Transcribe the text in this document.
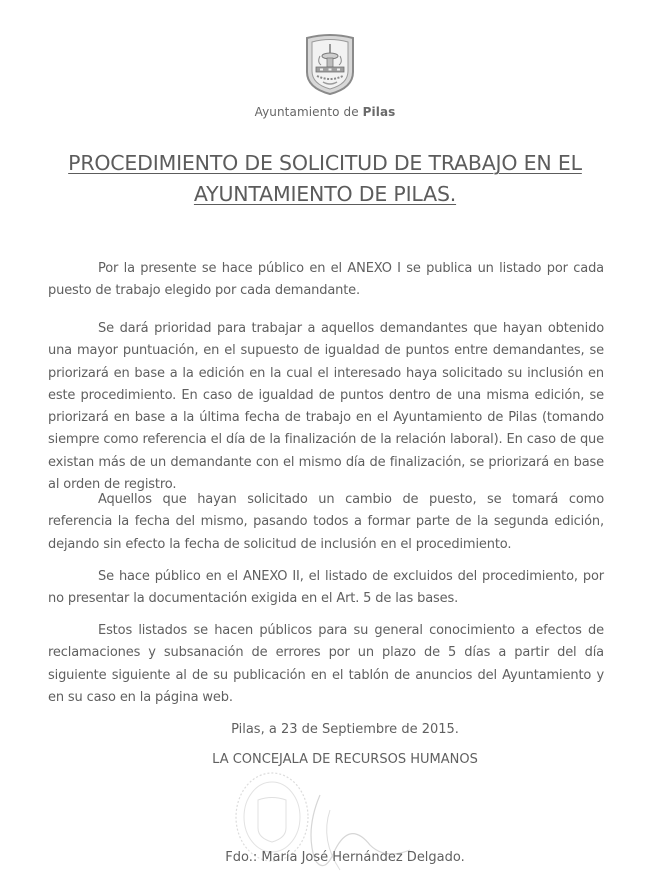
Ayuntamiento de Pilas
PROCEDIMIENTO DE SOLICITUD DE TRABAJO EN EL
AYUNTAMIENTO DE PILAS.

Por la presente se hace público en el ANEXO I se publica un listado por cada puesto de trabajo elegido por cada demandante.

Se dará prioridad para trabajar a aquellos demandantes que hayan obtenido una mayor puntuación, en el supuesto de igualdad de puntos entre demandantes, se priorizará en base a la edición en la cual el interesado haya solicitado su inclusión en este procedimiento. En caso de igualdad de puntos dentro de una misma edición, se priorizará en base a la última fecha de trabajo en el Ayuntamiento de Pilas (tomando siempre como referencia el día de la finalización de la relación laboral). En caso de que existan más de un demandante con el mismo día de finalización, se priorizará en base al orden de registro.

Aquellos que hayan solicitado un cambio de puesto, se tomará como referencia la fecha del mismo, pasando todos a formar parte de la segunda edición, dejando sin efecto la fecha de solicitud de inclusión en el procedimiento.

Se hace público en el ANEXO II, el listado de excluidos del procedimiento, por no presentar la documentación exigida en el Art. 5 de las bases.

Estos listados se hacen públicos para su general conocimiento a efectos de reclamaciones y subsanación de errores por un plazo de 5 días a partir del día siguiente siguiente al de su publicación en el tablón de anuncios del Ayuntamiento y en su caso en la página web.

Pilas, a 23 de Septiembre de 2015.
LA CONCEJALA DE RECURSOS HUMANOS
Fdo.: María José Hernández Delgado.
